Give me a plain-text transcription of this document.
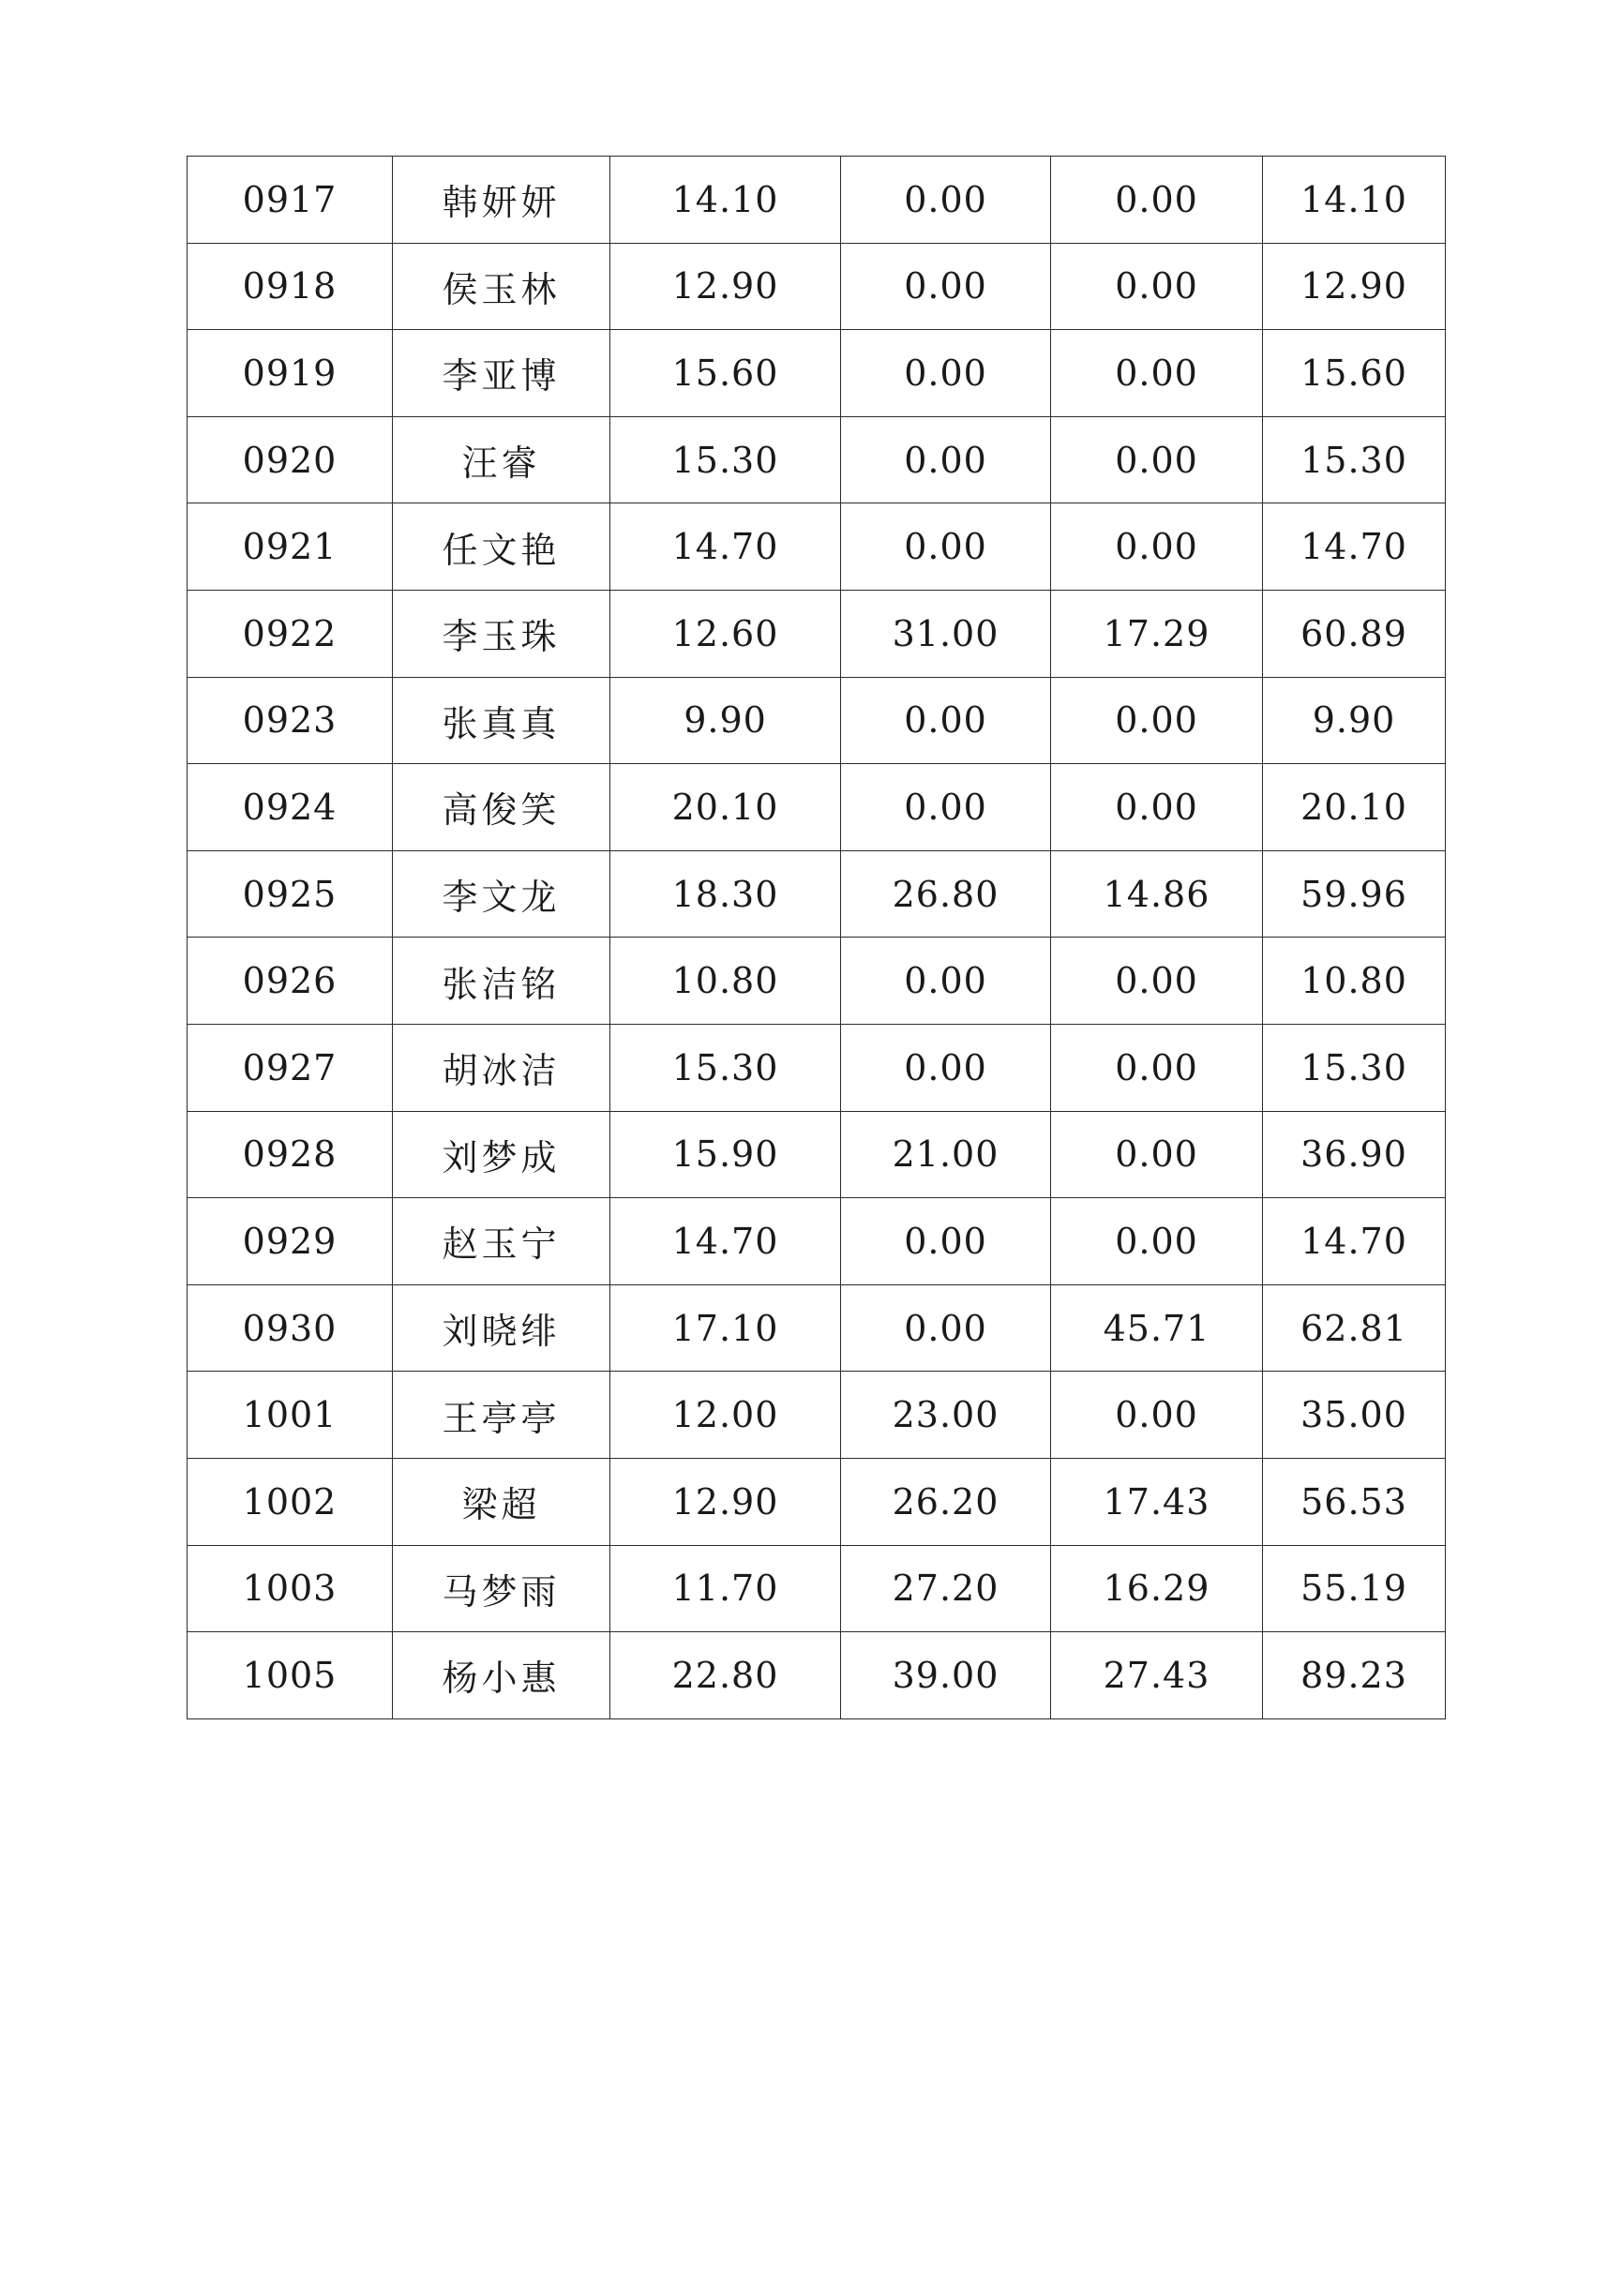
0917	韩妍妍	14.10	0.00	0.00	14.10
0918	侯玉林	12.90	0.00	0.00	12.90
0919	李亚博	15.60	0.00	0.00	15.60
0920	汪睿	15.30	0.00	0.00	15.30
0921	任文艳	14.70	0.00	0.00	14.70
0922	李玉珠	12.60	31.00	17.29	60.89
0923	张真真	9.90	0.00	0.00	9.90
0924	高俊笑	20.10	0.00	0.00	20.10
0925	李文龙	18.30	26.80	14.86	59.96
0926	张洁铭	10.80	0.00	0.00	10.80
0927	胡冰洁	15.30	0.00	0.00	15.30
0928	刘梦成	15.90	21.00	0.00	36.90
0929	赵玉宁	14.70	0.00	0.00	14.70
0930	刘晓绯	17.10	0.00	45.71	62.81
1001	王亭亭	12.00	23.00	0.00	35.00
1002	梁超	12.90	26.20	17.43	56.53
1003	马梦雨	11.70	27.20	16.29	55.19
1005	杨小惠	22.80	39.00	27.43	89.23
